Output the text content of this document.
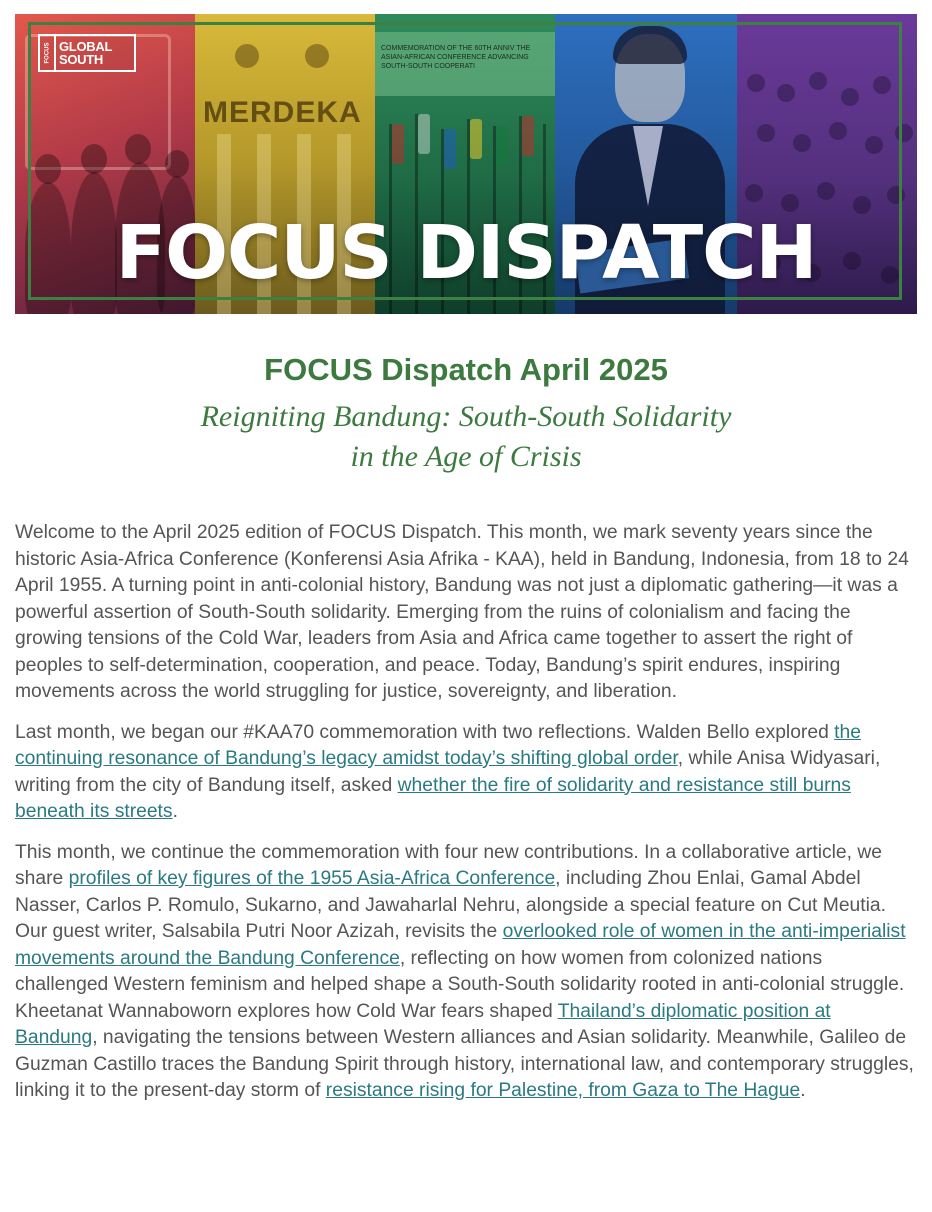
MERDEKA
COMMEMORATION OF THE 60TH ANNIV THE ASIAN-AFRICAN CONFERENCE ADVANCING SOUTH-SOUTH COOPERATI
FOCUS GLOBAL
SOUTH
FOCUS DISPATCH
FOCUS Dispatch April 2025
Reigniting Bandung: South-South Solidarity
in the Age of Crisis

Welcome to the April 2025 edition of FOCUS Dispatch. This month, we mark seventy years since the historic Asia-Africa Conference (Konferensi Asia Afrika - KAA), held in Bandung, Indonesia, from 18 to 24 April 1955. A turning point in anti-colonial history, Bandung was not just a diplomatic gathering—it was a powerful assertion of South-South solidarity. Emerging from the ruins of colonialism and facing the growing tensions of the Cold War, leaders from Asia and Africa came together to assert the right of peoples to self-determination, cooperation, and peace. Today, Bandung’s spirit endures, inspiring movements across the world struggling for justice, sovereignty, and liberation.

Last month, we began our #KAA70 commemoration with two reflections. Walden Bello explored the continuing resonance of Bandung’s legacy amidst today’s shifting global order, while Anisa Widyasari, writing from the city of Bandung itself, asked whether the fire of solidarity and resistance still burns beneath its streets.

This month, we continue the commemoration with four new contributions. In a collaborative article, we share profiles of key figures of the 1955 Asia-Africa Conference, including Zhou Enlai, Gamal Abdel Nasser, Carlos P. Romulo, Sukarno, and Jawaharlal Nehru, alongside a special feature on Cut Meutia. Our guest writer, Salsabila Putri Noor Azizah, revisits the overlooked role of women in the anti-imperialist movements around the Bandung Conference, reflecting on how women from colonized nations challenged Western feminism and helped shape a South-South solidarity rooted in anti-colonial struggle. Kheetanat Wannaboworn explores how Cold War fears shaped Thailand’s diplomatic position at Bandung, navigating the tensions between Western alliances and Asian solidarity. Meanwhile, Galileo de Guzman Castillo traces the Bandung Spirit through history, international law, and contemporary struggles, linking it to the present-day storm of resistance rising for Palestine, from Gaza to The Hague.
